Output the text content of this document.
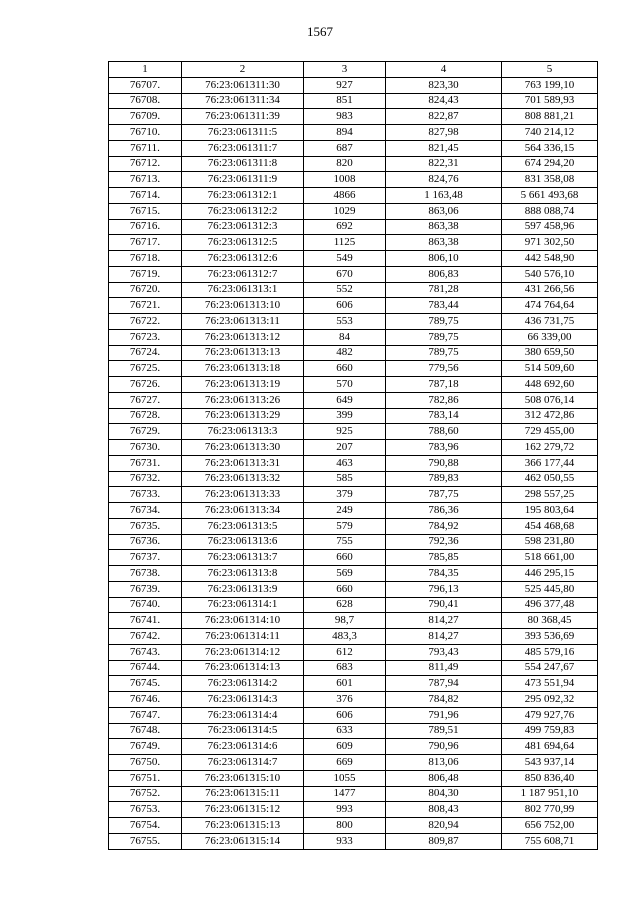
1567
1	2	3	4	5
76707.	76:23:061311:30	927	823,30	763 199,10
76708.	76:23:061311:34	851	824,43	701 589,93
76709.	76:23:061311:39	983	822,87	808 881,21
76710.	76:23:061311:5	894	827,98	740 214,12
76711.	76:23:061311:7	687	821,45	564 336,15
76712.	76:23:061311:8	820	822,31	674 294,20
76713.	76:23:061311:9	1008	824,76	831 358,08
76714.	76:23:061312:1	4866	1 163,48	5 661 493,68
76715.	76:23:061312:2	1029	863,06	888 088,74
76716.	76:23:061312:3	692	863,38	597 458,96
76717.	76:23:061312:5	1125	863,38	971 302,50
76718.	76:23:061312:6	549	806,10	442 548,90
76719.	76:23:061312:7	670	806,83	540 576,10
76720.	76:23:061313:1	552	781,28	431 266,56
76721.	76:23:061313:10	606	783,44	474 764,64
76722.	76:23:061313:11	553	789,75	436 731,75
76723.	76:23:061313:12	84	789,75	66 339,00
76724.	76:23:061313:13	482	789,75	380 659,50
76725.	76:23:061313:18	660	779,56	514 509,60
76726.	76:23:061313:19	570	787,18	448 692,60
76727.	76:23:061313:26	649	782,86	508 076,14
76728.	76:23:061313:29	399	783,14	312 472,86
76729.	76:23:061313:3	925	788,60	729 455,00
76730.	76:23:061313:30	207	783,96	162 279,72
76731.	76:23:061313:31	463	790,88	366 177,44
76732.	76:23:061313:32	585	789,83	462 050,55
76733.	76:23:061313:33	379	787,75	298 557,25
76734.	76:23:061313:34	249	786,36	195 803,64
76735.	76:23:061313:5	579	784,92	454 468,68
76736.	76:23:061313:6	755	792,36	598 231,80
76737.	76:23:061313:7	660	785,85	518 661,00
76738.	76:23:061313:8	569	784,35	446 295,15
76739.	76:23:061313:9	660	796,13	525 445,80
76740.	76:23:061314:1	628	790,41	496 377,48
76741.	76:23:061314:10	98,7	814,27	80 368,45
76742.	76:23:061314:11	483,3	814,27	393 536,69
76743.	76:23:061314:12	612	793,43	485 579,16
76744.	76:23:061314:13	683	811,49	554 247,67
76745.	76:23:061314:2	601	787,94	473 551,94
76746.	76:23:061314:3	376	784,82	295 092,32
76747.	76:23:061314:4	606	791,96	479 927,76
76748.	76:23:061314:5	633	789,51	499 759,83
76749.	76:23:061314:6	609	790,96	481 694,64
76750.	76:23:061314:7	669	813,06	543 937,14
76751.	76:23:061315:10	1055	806,48	850 836,40
76752.	76:23:061315:11	1477	804,30	1 187 951,10
76753.	76:23:061315:12	993	808,43	802 770,99
76754.	76:23:061315:13	800	820,94	656 752,00
76755.	76:23:061315:14	933	809,87	755 608,71
